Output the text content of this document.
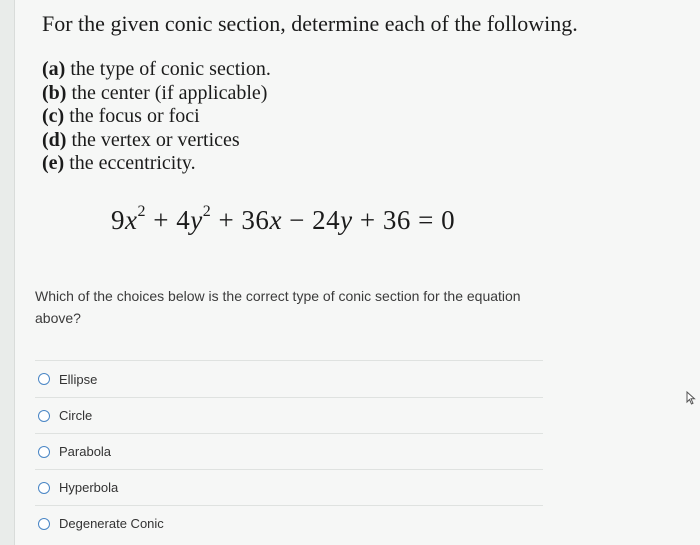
For the given conic section, determine each of the following.
(a) the type of conic section.
(b) the center (if applicable)
(c) the focus or foci
(d) the vertex or vertices
(e) the eccentricity.
$9x^2 + 4y^2 + 36x - 24y + 36 = 0$
Which of the choices below is the correct type of conic section for the equation above?
Ellipse
Circle
Parabola
Hyperbola
Degenerate Conic
